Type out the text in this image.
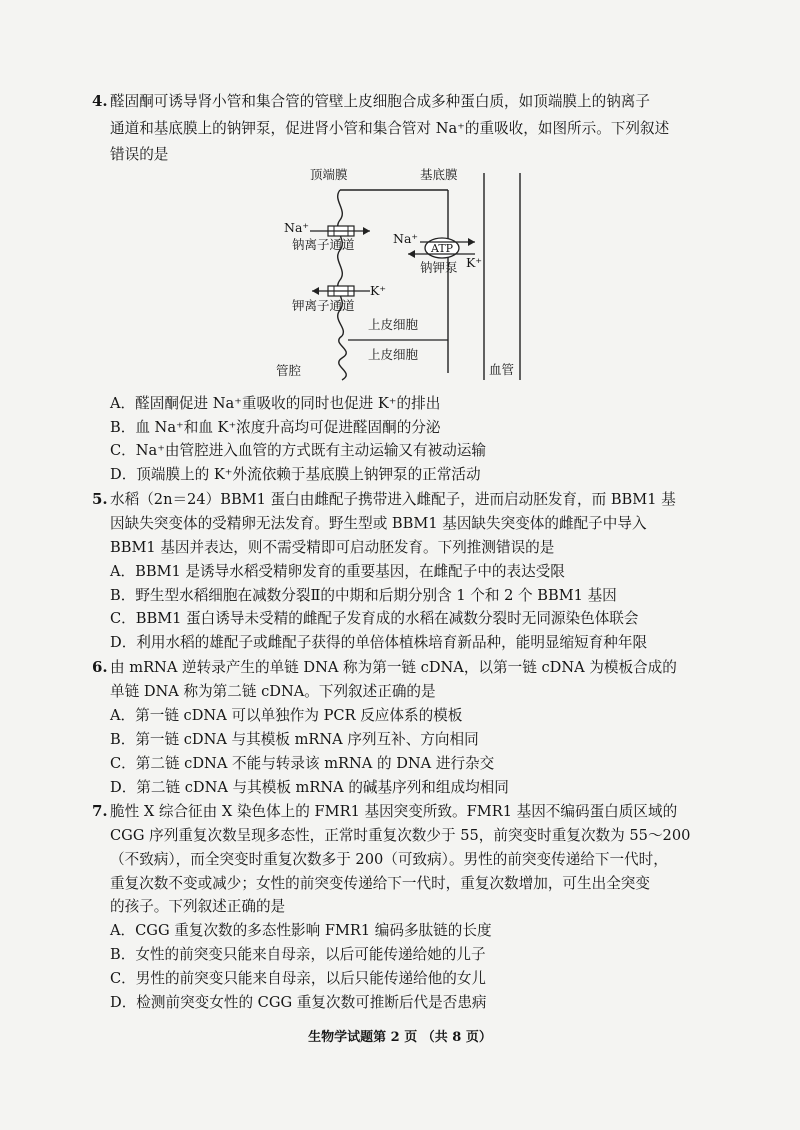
4. 醛固酮可诱导肾小管和集合管的管壁上皮细胞合成多种蛋白质，如顶端膜上的钠离子
通道和基底膜上的钠钾泵，促进肾小管和集合管对 Na⁺的重吸收，如图所示。下列叙述
错误的是
顶端膜	基底膜
Na⁺
钠离子通道	Na⁺
ATP
钠钾泵 K⁺
K⁺
钾离子通道
上皮细胞
上皮细胞
管腔	血管
A．醛固酮促进 Na⁺重吸收的同时也促进 K⁺的排出
B．血 Na⁺和血 K⁺浓度升高均可促进醛固酮的分泌
C．Na⁺由管腔进入血管的方式既有主动运输又有被动运输
D．顶端膜上的 K⁺外流依赖于基底膜上钠钾泵的正常活动
5. 水稻（2n＝24）BBM1 蛋白由雌配子携带进入雌配子，进而启动胚发育，而 BBM1 基
因缺失突变体的受精卵无法发育。野生型或 BBM1 基因缺失突变体的雌配子中导入
BBM1 基因并表达，则不需受精即可启动胚发育。下列推测错误的是
A．BBM1 是诱导水稻受精卵发育的重要基因，在雌配子中的表达受限
B．野生型水稻细胞在减数分裂Ⅱ的中期和后期分别含 1 个和 2 个 BBM1 基因
C．BBM1 蛋白诱导未受精的雌配子发育成的水稻在减数分裂时无同源染色体联会
D．利用水稻的雄配子或雌配子获得的单倍体植株培育新品种，能明显缩短育种年限
6. 由 mRNA 逆转录产生的单链 DNA 称为第一链 cDNA，以第一链 cDNA 为模板合成的
单链 DNA 称为第二链 cDNA。下列叙述正确的是
A．第一链 cDNA 可以单独作为 PCR 反应体系的模板
B．第一链 cDNA 与其模板 mRNA 序列互补、方向相同
C．第二链 cDNA 不能与转录该 mRNA 的 DNA 进行杂交
D．第二链 cDNA 与其模板 mRNA 的碱基序列和组成均相同
7. 脆性 X 综合征由 X 染色体上的 FMR1 基因突变所致。FMR1 基因不编码蛋白质区域的
CGG 序列重复次数呈现多态性，正常时重复次数少于 55，前突变时重复次数为 55～200
（不致病），而全突变时重复次数多于 200（可致病）。男性的前突变传递给下一代时，
重复次数不变或减少；女性的前突变传递给下一代时，重复次数增加，可生出全突变
的孩子。下列叙述正确的是
A．CGG 重复次数的多态性影响 FMR1 编码多肽链的长度
B．女性的前突变只能来自母亲，以后可能传递给她的儿子
C．男性的前突变只能来自母亲，以后只能传递给他的女儿
D．检测前突变女性的 CGG 重复次数可推断后代是否患病
生物学试题第 2 页 （共 8 页）
